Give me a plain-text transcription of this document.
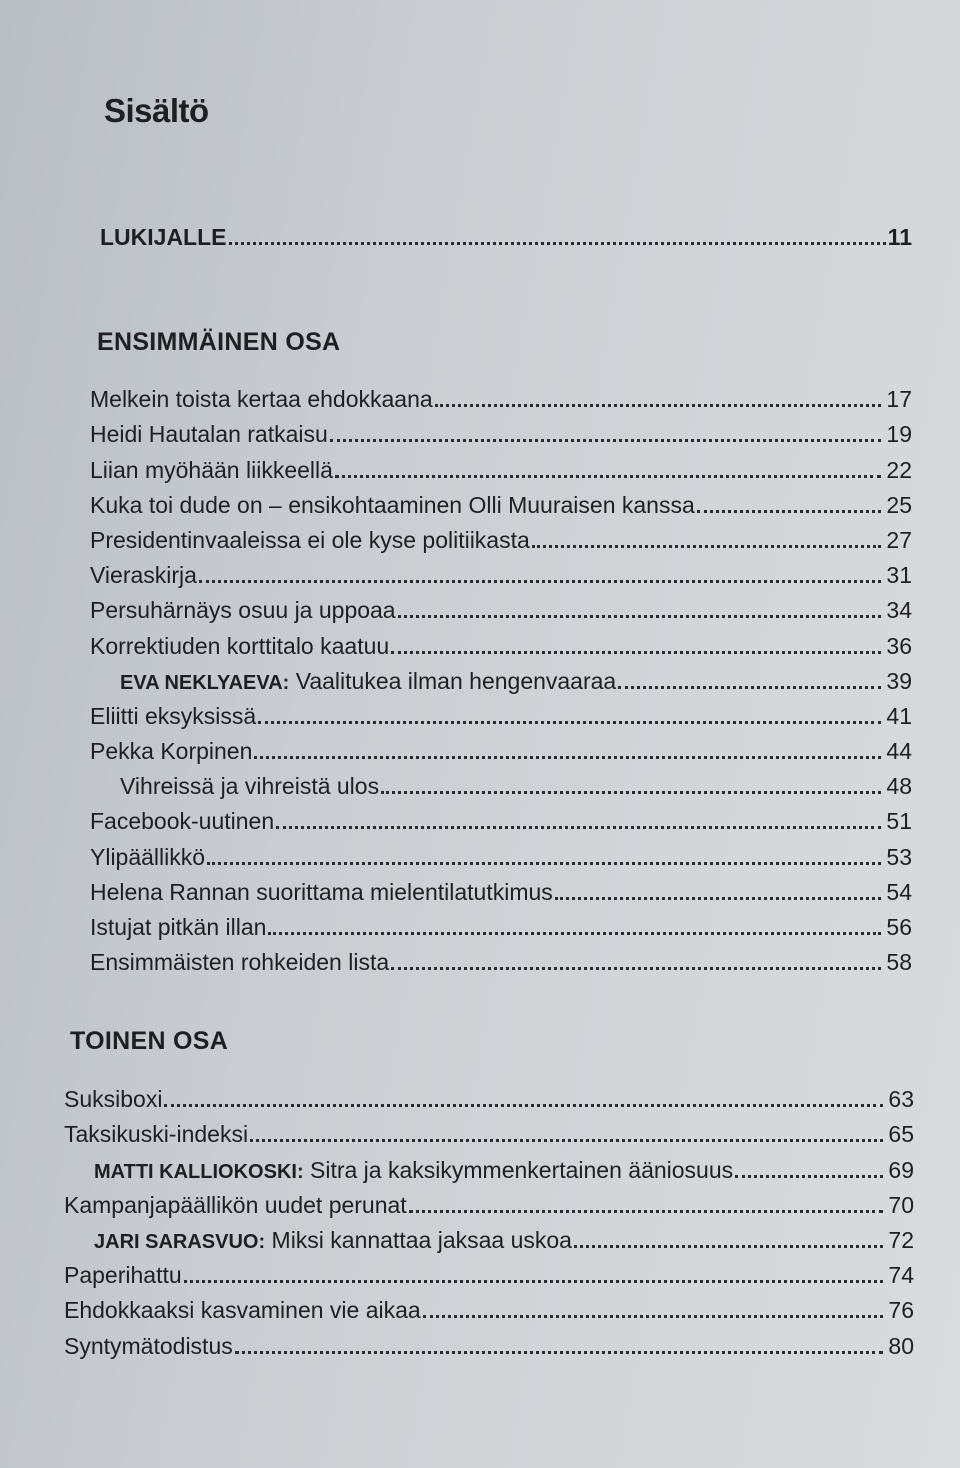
Sisältö
LUKIJALLE	11
ENSIMMÄINEN OSA
Melkein toista kertaa ehdokkaana	17
Heidi Hautalan ratkaisu	19
Liian myöhään liikkeellä	22
Kuka toi dude on – ensikohtaaminen Olli Muuraisen kanssa	25
Presidentinvaaleissa ei ole kyse politiikasta	27
Vieraskirja	31
Persuhärnäys osuu ja uppoaa	34
Korrektiuden korttitalo kaatuu	36
EVA NEKLYAEVA: Vaalitukea ilman hengenvaaraa	39
Eliitti eksyksissä	41
Pekka Korpinen	44
Vihreissä ja vihreistä ulos	48
Facebook-uutinen	51
Ylipäällikkö	53
Helena Rannan suorittama mielentilatutkimus	54
Istujat pitkän illan	56
Ensimmäisten rohkeiden lista	58
TOINEN OSA
Suksiboxi	63
Taksikuski-indeksi	65
MATTI KALLIOKOSKI: Sitra ja kaksikymmenkertainen ääniosuus	69
Kampanjapäällikön uudet perunat	70
JARI SARASVUO: Miksi kannattaa jaksaa uskoa	72
Paperihattu	74
Ehdokkaaksi kasvaminen vie aikaa	76
Syntymätodistus	80
